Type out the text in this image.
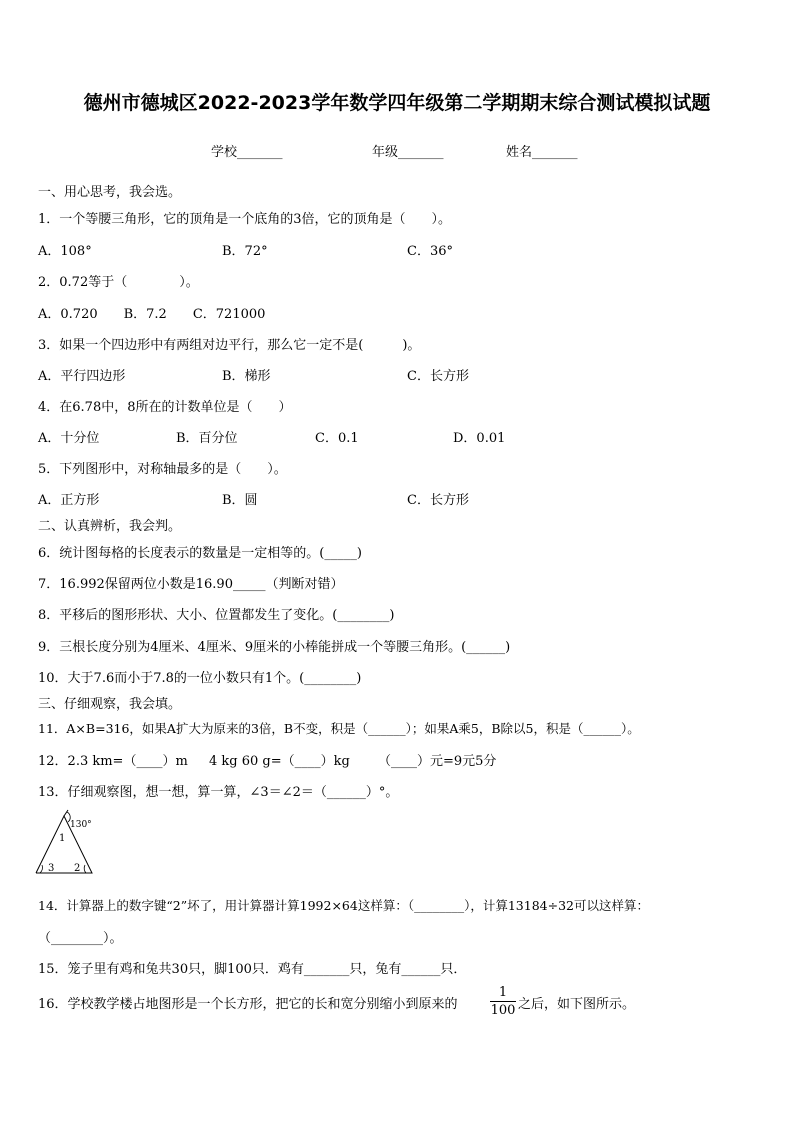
德州市德城区2022-2023学年数学四年级第二学期期末综合测试模拟试题
学校_______	年级_______	姓名_______
一、用心思考，我会选。
1．一个等腰三角形，它的顶角是一个底角的3倍，它的顶角是（　　）。
A．108°	B．72°	C．36°
2．0.72等于（　　　　）。
A．0.720　　B．7.2　　C．721000
3．如果一个四边形中有两组对边平行，那么它一定不是(　　　)。
A．平行四边形	B．梯形	C．长方形
4．在6.78中，8所在的计数单位是（　　）
A．十分位	B．百分位	C．0.1	D．0.01
5．下列图形中，对称轴最多的是（　　）。
A．正方形	B．圆	C．长方形
二、认真辨析，我会判。
6．统计图每格的长度表示的数量是一定相等的。(_____)
7．16.992保留两位小数是16.90_____（判断对错）
8．平移后的图形形状、大小、位置都发生了变化。(________)
9．三根长度分别为4厘米、4厘米、9厘米的小棒能拼成一个等腰三角形。(______)
10．大于7.6而小于7.8的一位小数只有1个。(________)
三、仔细观察，我会填。
11．A×B=316，如果A扩大为原来的3倍，B不变，积是（______）；如果A乘5，B除以5，积是（______）。
12．2.3 km=（____）m 4 kg 60 g=（____）kg （____）元=9元5分
13．仔细观察图，想一想，算一算，∠3＝∠2＝（______）°。
130°
1
3 2
14．计算器上的数字键“2”坏了，用计算器计算1992×64这样算：（________），计算13184÷32可以这样算：
（________）。
15．笼子里有鸡和兔共30只，脚100只．鸡有_______只，兔有______只．
16．学校教学楼占地图形是一个长方形，把它的长和宽分别缩小到原来的 $\frac{1}{100}$ 之后，如下图所示。
